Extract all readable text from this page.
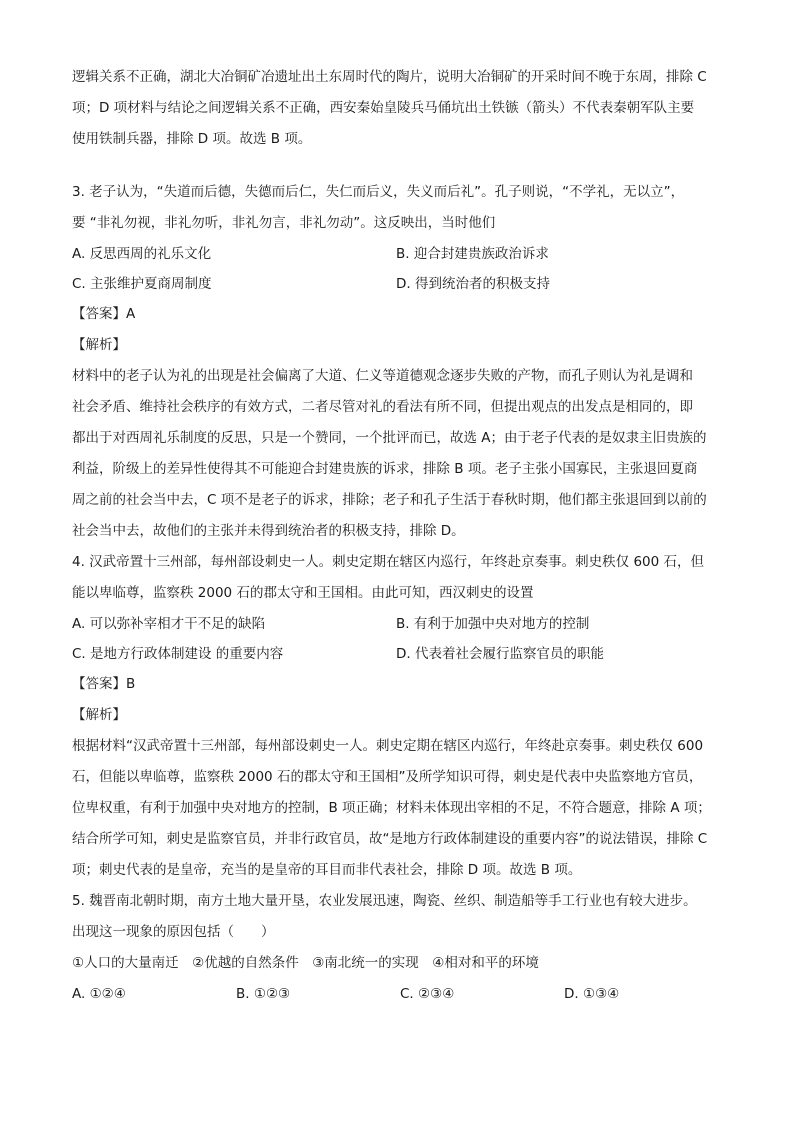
逻辑关系不正确，湖北大冶铜矿冶遗址出土东周时代的陶片，说明大冶铜矿的开采时间不晚于东周，排除 C
项；D 项材料与结论之间逻辑关系不正确，西安秦始皇陵兵马俑坑出土铁镞（箭头）不代表秦朝军队主要
使用铁制兵器，排除 D 项。故选 B 项。
3. 老子认为，“失道而后德，失德而后仁，失仁而后义，失义而后礼”。孔子则说，“不学礼，无以立”，
要 “非礼勿视，非礼勿听，非礼勿言，非礼勿动”。这反映出，当时他们
A. 反思西周的礼乐文化	B. 迎合封建贵族政治诉求
C. 主张维护夏商周制度	D. 得到统治者的积极支持
【答案】A
【解析】
材料中的老子认为礼的出现是社会偏离了大道、仁义等道德观念逐步失败的产物，而孔子则认为礼是调和
社会矛盾、维持社会秩序的有效方式，二者尽管对礼的看法有所不同，但提出观点的出发点是相同的，即
都出于对西周礼乐制度的反思，只是一个赞同，一个批评而已，故选 A；由于老子代表的是奴隶主旧贵族的
利益，阶级上的差异性使得其不可能迎合封建贵族的诉求，排除 B 项。老子主张小国寡民，主张退回夏商
周之前的社会当中去，C 项不是老子的诉求，排除；老子和孔子生活于春秋时期，他们都主张退回到以前的
社会当中去，故他们的主张并未得到统治者的积极支持，排除 D。
4. 汉武帝置十三州部，每州部设刺史一人。刺史定期在辖区内巡行，年终赴京奏事。刺史秩仅 600 石，但
能以卑临尊，监察秩 2000 石的郡太守和王国相。由此可知，西汉刺史的设置
A. 可以弥补宰相才干不足的缺陷	B. 有利于加强中央对地方的控制
C. 是地方行政体制建设 的重要内容	D. 代表着社会履行监察官员的职能
【答案】B
【解析】
根据材料“汉武帝置十三州部，每州部设刺史一人。刺史定期在辖区内巡行，年终赴京奏事。刺史秩仅 600
石，但能以卑临尊，监察秩 2000 石的郡太守和王国相”及所学知识可得，刺史是代表中央监察地方官员，
位卑权重，有利于加强中央对地方的控制，B 项正确；材料未体现出宰相的不足，不符合题意，排除 A 项；
结合所学可知，刺史是监察官员，并非行政官员，故“是地方行政体制建设的重要内容”的说法错误，排除 C
项；刺史代表的是皇帝，充当的是皇帝的耳目而非代表社会，排除 D 项。故选 B 项。
5. 魏晋南北朝时期，南方土地大量开垦，农业发展迅速，陶瓷、丝织、制造船等手工行业也有较大进步。
出现这一现象的原因包括（　　）
①人口的大量南迁　②优越的自然条件　③南北统一的实现　④相对和平的环境
A. ①②④	B. ①②③	C. ②③④	D. ①③④
